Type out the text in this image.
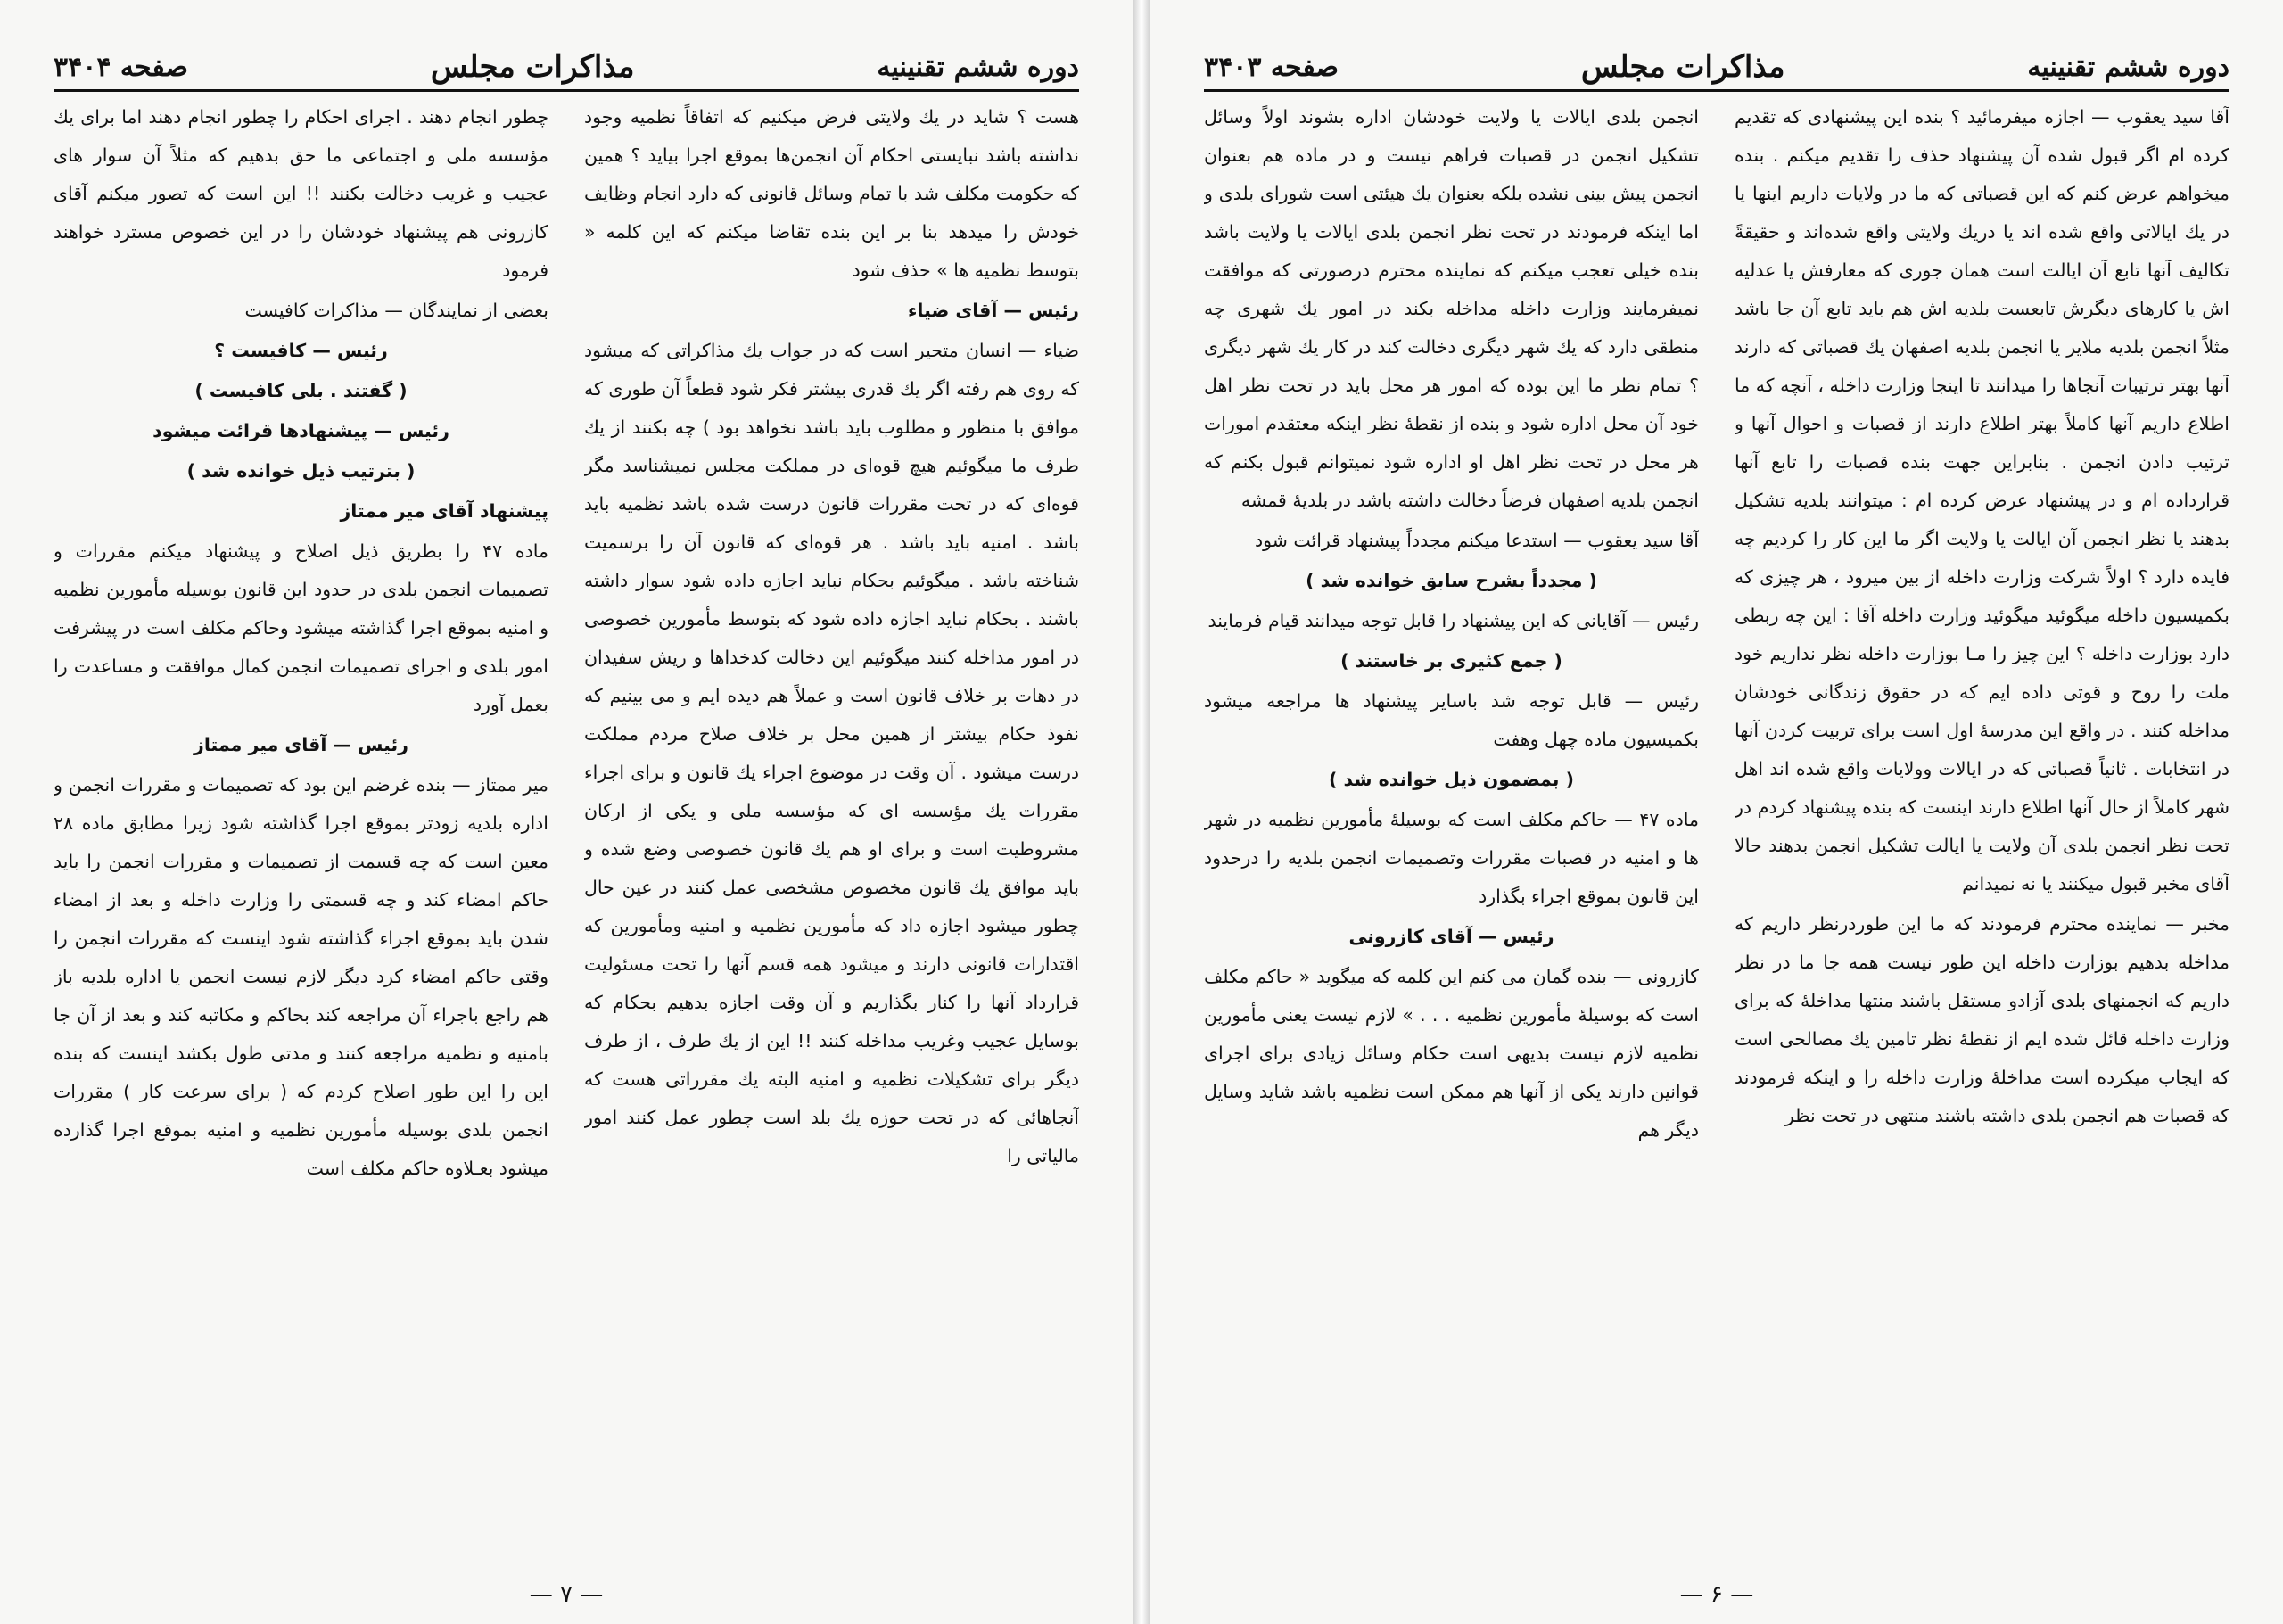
دوره ششم تقنینیه
مذاکرات مجلس
صفحه ۳۴۰۴

هست ؟ شاید در یك ولایتی فرض میکنیم که اتفاقاً نظمیه وجود نداشته باشد نبایستی احکام آن انجمن‌ها بموقع اجرا بیاید ؟ همین که حکومت مکلف شد با تمام وسائل قانونی که دارد انجام وظایف خودش را میدهد بنا بر این بنده تقاضا میکنم که این کلمه « بتوسط نظمیه ها » حذف شود

رئیس — آقای ضیاء

ضیاء — انسان متحیر است که در جواب یك مذاکراتی که میشود که روی هم رفته اگر یك قدری بیشتر فکر شود قطعاً آن طوری که موافق با منظور و مطلوب باید باشد نخواهد بود ) چه بکنند از یك طرف ما میگوئیم هیچ قوه‌ای در مملکت مجلس نمیشناسد مگر قوه‌ای که در تحت مقررات قانون درست شده باشد نظمیه باید باشد . امنیه باید باشد . هر قوه‌ای که قانون آن را برسمیت شناخته باشد . میگوئیم بحکام نباید اجازه داده شود سوار داشته باشند . بحکام نباید اجازه داده شود که بتوسط مأمورین خصوصی در امور مداخله کنند میگوئیم این دخالت کدخداها و ریش سفیدان در دهات بر خلاف قانون است و عملاً هم دیده ایم و می بینیم که نفوذ حکام بیشتر از همین محل بر خلاف صلاح مردم مملکت درست میشود . آن وقت در موضوع اجراء یك قانون و برای اجراء مقررات یك مؤسسه ای که مؤسسه ملی و یکی از ارکان مشروطیت است و برای او هم یك قانون خصوصی وضع شده و باید موافق یك قانون مخصوص مشخصی عمل کنند در عین حال چطور میشود اجازه داد که مأمورین نظمیه و امنیه ومأمورین که اقتدارات قانونی دارند و میشود همه قسم آنها را تحت مسئولیت قرارداد آنها را کنار بگذاریم و آن وقت اجازه بدهیم بحکام که بوسایل عجیب وغریب مداخله کنند !! این از یك طرف ، از طرف دیگر برای تشکیلات نظمیه و امنیه البته یك مقرراتی هست که آنجاهائی که در تحت حوزه یك بلد است چطور عمل کنند امور مالیاتی را

چطور انجام دهند . اجرای احکام را چطور انجام دهند اما برای یك مؤسسه ملی و اجتماعی ما حق بدهیم که مثلاً آن سوار های عجیب و غریب دخالت بکنند !! این است که تصور میکنم آقای کازرونی هم پیشنهاد خودشان را در این خصوص مسترد خواهند فرمود

بعضی از نمایندگان — مذاکرات کافیست

رئیس — کافیست ؟

( گفتند . بلی کافیست )

رئیس — پیشنهادها قرائت میشود

( بترتیب ذیل خوانده شد )

پیشنهاد آقای میر ممتاز

ماده ۴۷ را بطریق ذیل اصلاح و پیشنهاد میکنم مقررات و تصمیمات انجمن بلدی در حدود این قانون بوسیله مأمورین نظمیه و امنیه بموقع اجرا گذاشته میشود وحاکم مکلف است در پیشرفت امور بلدی و اجرای تصمیمات انجمن کمال موافقت و مساعدت را بعمل آورد

رئیس — آقای میر ممتاز

میر ممتاز — بنده غرضم این بود که تصمیمات و مقررات انجمن و اداره بلدیه زودتر بموقع اجرا گذاشته شود زیرا مطابق ماده ۲۸ معین است که چه قسمت از تصمیمات و مقررات انجمن را باید حاکم امضاء کند و چه قسمتی را وزارت داخله و بعد از امضاء شدن باید بموقع اجراء گذاشته شود اینست که مقررات انجمن را وقتی حاکم امضاء کرد دیگر لازم نیست انجمن یا اداره بلدیه باز هم راجع باجراء آن مراجعه کند بحاکم و مکاتبه کند و بعد از آن جا بامنیه و نظمیه مراجعه کنند و مدتی طول بکشد اینست که بنده این را این طور اصلاح کردم که ( برای سرعت کار ) مقررات انجمن بلدی بوسیله مأمورین نظمیه و امنیه بموقع اجرا گذارده میشود بعـلاوه حاکم مکلف است

— ۷ —
دوره ششم تقنینیه
مذاکرات مجلس
صفحه ۳۴۰۳

آقا سید یعقوب — اجازه میفرمائید ؟ بنده این پیشنهادی که تقدیم کرده ام اگر قبول شده آن پیشنهاد حذف را تقدیم میکنم . بنده میخواهم عرض کنم که این قصباتی که ما در ولایات داریم اینها یا در یك ایالاتی واقع شده اند یا دریك ولایتی واقع شده‌اند و حقیقةً تکالیف آنها تابع آن ایالت است همان جوری که معارفش یا عدلیه اش یا کارهای دیگرش تابعست بلدیه اش هم باید تابع آن جا باشد مثلاً انجمن بلدیه ملایر یا انجمن بلدیه اصفهان یك قصباتی که دارند آنها بهتر ترتیبات آنجاها را میدانند تا اینجا وزارت داخله ، آنچه که ما اطلاع داریم آنها کاملاً بهتر اطلاع دارند از قصبات و احوال آنها و ترتیب دادن انجمن . بنابراین جهت بنده قصبات را تابع آنها قرارداده ام و در پیشنهاد عرض کرده ام : میتوانند بلدیه تشکیل بدهند یا نظر انجمن آن ایالت یا ولایت اگر ما این کار را کردیم چه فایده دارد ؟ اولاً شرکت وزارت داخله از بین میرود ، هر چیزی که بکمیسیون داخله میگوئید میگوئید وزارت داخله آقا : این چه ربطی دارد بوزارت داخله ؟ این چیز را مـا بوزارت داخله نظر نداریم خود ملت را روح و قوتی داده ایم که در حقوق زندگانی خودشان مداخله کنند . در واقع این مدرسهٔ اول است برای تربیت کردن آنها در انتخابات . ثانیاً قصباتی که در ایالات وولایات واقع شده اند اهل شهر کاملاً از حال آنها اطلاع دارند اینست که بنده پیشنهاد کردم در تحت نظر انجمن بلدی آن ولایت یا ایالت تشکیل انجمن بدهند حالا آقای مخبر قبول میکنند یا نه نمیدانم

مخبر — نماینده محترم فرمودند که ما این طوردرنظر داریم که مداخله بدهیم بوزارت داخله این طور نیست همه جا ما در نظر داریم که انجمنهای بلدی آزادو مستقل باشند منتها مداخلهٔ که برای وزارت داخله قائل شده ایم از نقطهٔ نظر تامین یك مصالحی است که ایجاب میکرده است مداخلهٔ وزارت داخله را و اینکه فرمودند که قصبات هم انجمن بلدی داشته باشند منتهی در تحت نظر

انجمن بلدی ایالات یا ولایت خودشان اداره بشوند اولاً وسائل تشکیل انجمن در قصبات فراهم نیست و در ماده هم بعنوان انجمن پیش بینی نشده بلکه بعنوان یك هیئتی است شورای بلدی و اما اینکه فرمودند در تحت نظر انجمن بلدی ایالات یا ولایت باشد بنده خیلی تعجب میکنم که نماینده محترم درصورتی که موافقت نمیفرمایند وزارت داخله مداخله بکند در امور یك شهری چه منطقی دارد که یك شهر دیگری دخالت کند در کار یك شهر دیگری ؟ تمام نظر ما این بوده که امور هر محل باید در تحت نظر اهل خود آن محل اداره شود و بنده از نقطهٔ نظر اینکه معتقدم امورات هر محل در تحت نظر اهل او اداره شود نمیتوانم قبول بکنم که انجمن بلدیه اصفهان فرضاً دخالت داشته باشد در بلدیهٔ قمشه

آقا سید یعقوب — استدعا میکنم مجدداً پیشنهاد قرائت شود

( مجدداً بشرح سابق خوانده شد )

رئیس — آقایانی که این پیشنهاد را قابل توجه میدانند قیام فرمایند

( جمع کثیری بر خاستند )

رئیس — قابل توجه شد باسایر پیشنهاد ها مراجعه میشود بکمیسیون ماده چهل وهفت

( بمضمون ذیل خوانده شد )

ماده ۴۷ — حاکم مکلف است که بوسیلهٔ مأمورین نظمیه در شهر ها و امنیه در قصبات مقررات وتصمیمات انجمن بلدیه را درحدود این قانون بموقع اجراء بگذارد

رئیس — آقای کازرونی

کازرونی — بنده گمان می کنم این کلمه که میگوید « حاکم مکلف است که بوسیلهٔ مأمورین نظمیه . . . » لازم نیست یعنی مأمورین نظمیه لازم نیست بدیهی است حکام وسائل زیادی برای اجرای قوانین دارند یکی از آنها هم ممکن است نظمیه باشد شاید وسایل دیگر هم

— ۶ —
